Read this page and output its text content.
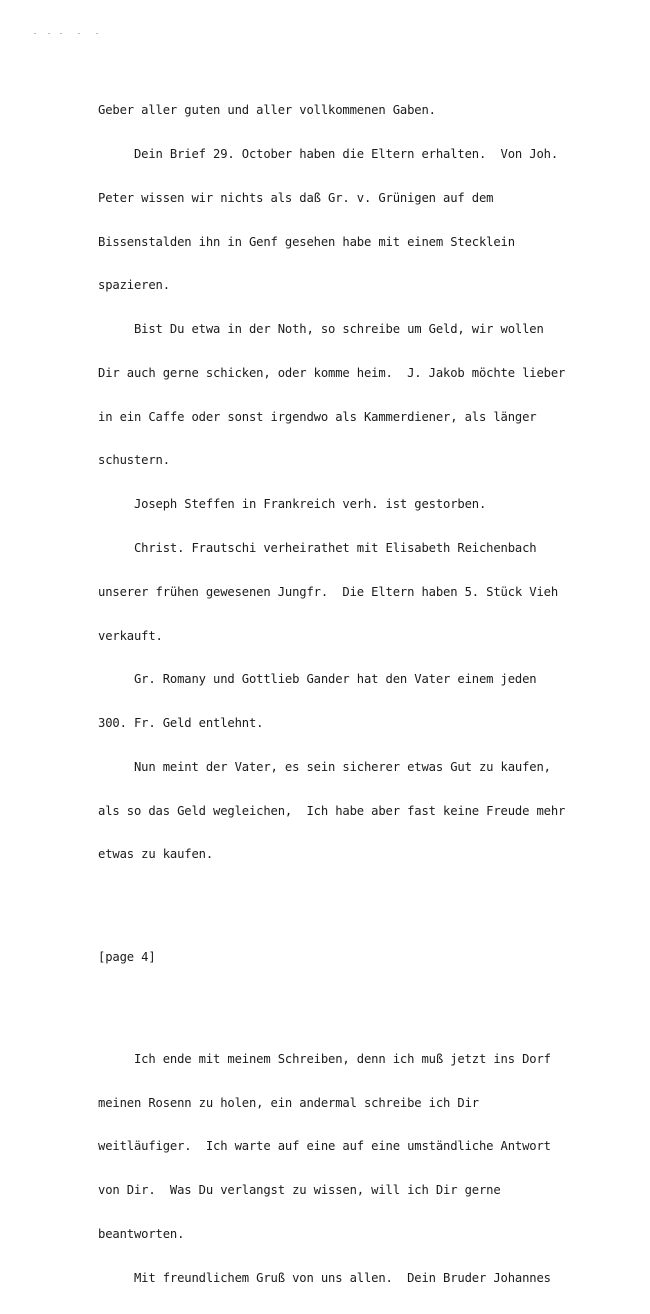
Geber aller guten und aller vollkommenen Gaben.

Dein Brief 29. October haben die Eltern erhalten.  Von Joh.

Peter wissen wir nichts als daß Gr. v. Grünigen auf dem

Bissenstalden ihn in Genf gesehen habe mit einem Stecklein

spazieren.

Bist Du etwa in der Noth, so schreibe um Geld, wir wollen

Dir auch gerne schicken, oder komme heim.  J. Jakob möchte lieber

in ein Caffe oder sonst irgendwo als Kammerdiener, als länger

schustern.

Joseph Steffen in Frankreich verh. ist gestorben.

Christ. Frautschi verheirathet mit Elisabeth Reichenbach

unserer frühen gewesenen Jungfr.  Die Eltern haben 5. Stück Vieh

verkauft.

Gr. Romany und Gottlieb Gander hat den Vater einem jeden

300. Fr. Geld entlehnt.

Nun meint der Vater, es sein sicherer etwas Gut zu kaufen,

als so das Geld wegleichen,  Ich habe aber fast keine Freude mehr

etwas zu kaufen.

[page 4]

Ich ende mit meinem Schreiben, denn ich muß jetzt ins Dorf

meinen Rosenn zu holen, ein andermal schreibe ich Dir

weitläufiger.  Ich warte auf eine auf eine umständliche Antwort

von Dir.  Was Du verlangst zu wissen, will ich Dir gerne

beantworten.

Mit freundlichem Gruß von uns allen.  Dein Bruder Johannes
